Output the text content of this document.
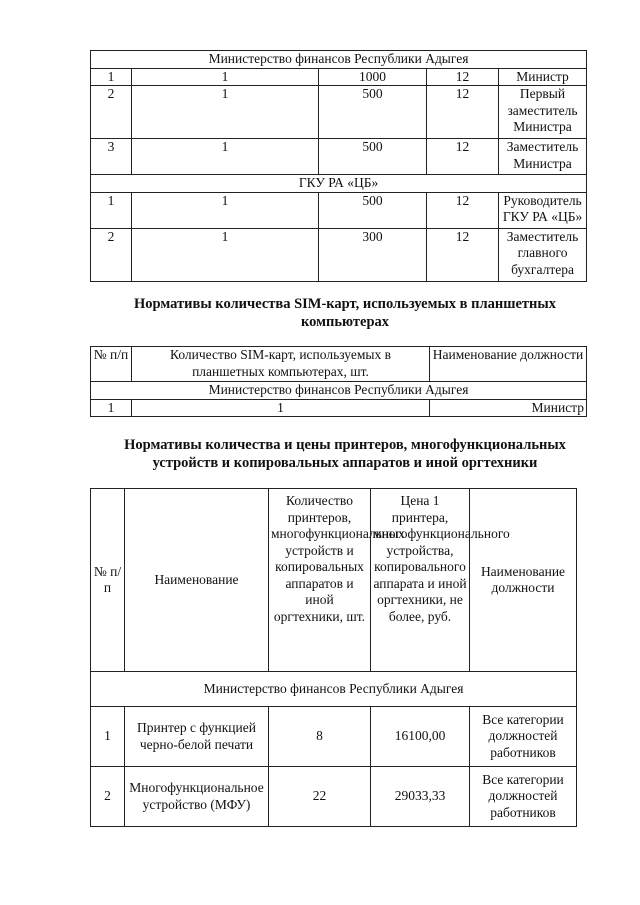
Министерство финансов Республики Адыгея				
1	1	1000	12	Министр
2	1	500	12	Первый заместитель Министра
3	1	500	12	Заместитель Министра
ГКУ РА «ЦБ»				
1	1	500	12	Руководитель ГКУ РА «ЦБ»
2	1	300	12	Заместитель главного бухгалтера

Нормативы количества SIM-карт, используемых в планшетных компьютерах

№ п/п	Количество SIM-карт, используемых в планшетных компьютерах, шт.	Наименование должности
Министерство финансов Республики Адыгея		
1	1	Министр

Нормативы количества и цены принтеров, многофункциональных устройств и копировальных аппаратов и иной оргтехники

№ п/п	Наименование	Количество принтеров, многофункциональных устройств и копировальных аппаратов и иной оргтехники, шт.	Цена 1 принтера, многофункционального устройства, копировального аппарата и иной оргтехники, не более, руб.	Наименование должности
Министерство финансов Республики Адыгея				
1	Принтер с функцией черно-белой печати	8	16100,00	Все категории должностей работников
2	Многофункциональное устройство (МФУ)	22	29033,33	Все категории должностей работников
